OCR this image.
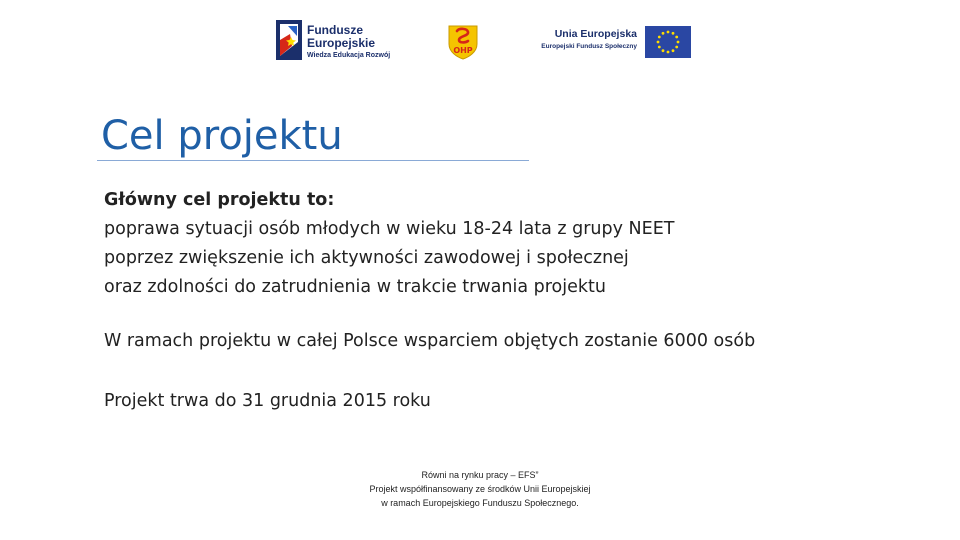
Fundusze
Europejskie
Wiedza Edukacja Rozwój
OHP
Unia Europejska
Europejski Fundusz Społeczny
Cel projektu
Główny cel projektu to:
poprawa sytuacji osób młodych w wieku 18-24 lata z grupy NEET
poprzez zwiększenie ich aktywności zawodowej i społecznej
oraz zdolności do zatrudnienia w trakcie trwania projektu
W ramach projektu w całej Polsce wsparciem objętych zostanie 6000 osób
Projekt trwa do 31 grudnia 2015 roku
Równi na rynku pracy – EFS”
Projekt współfinansowany ze środków Unii Europejskiej
w ramach Europejskiego Funduszu Społecznego.
